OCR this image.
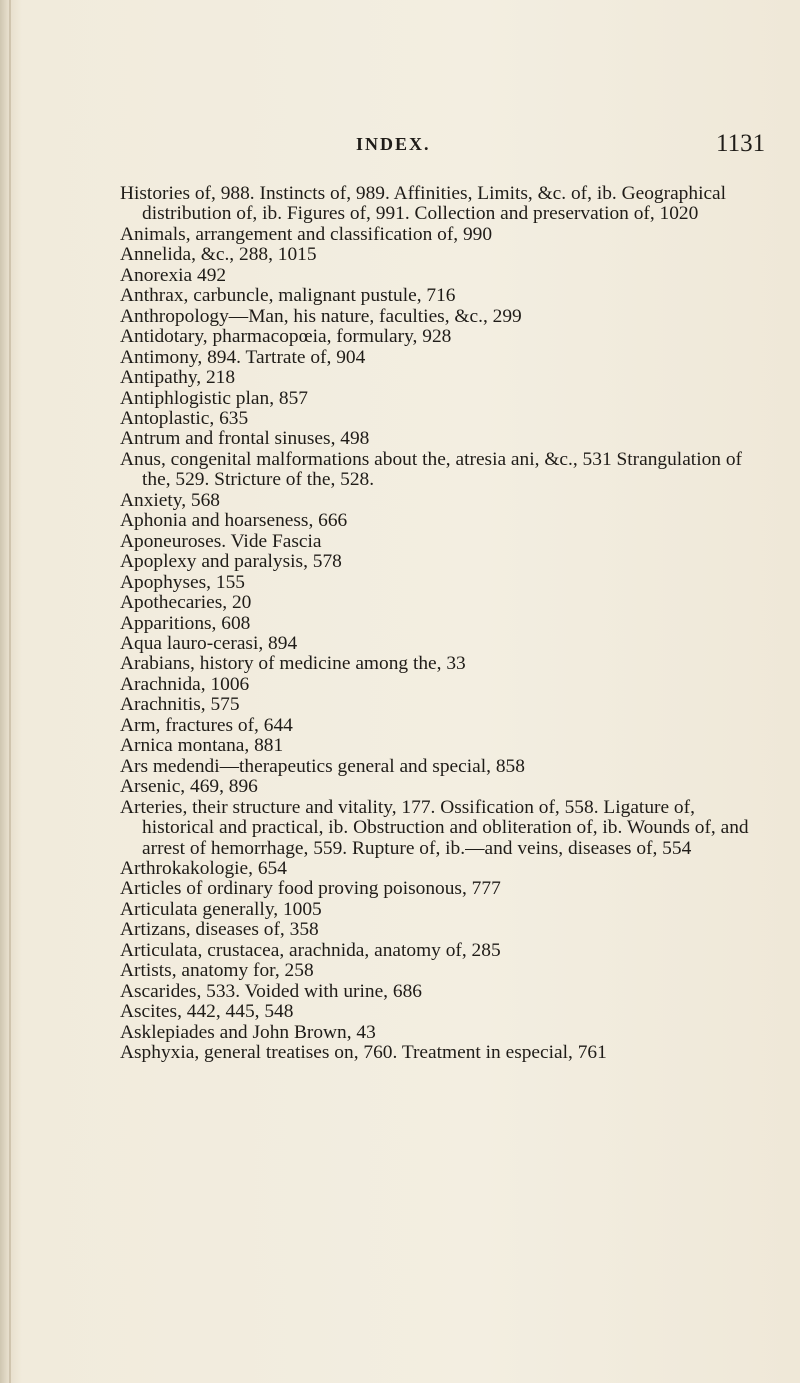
INDEX.	1131
Histories of, 988. Instincts of, 989. Affinities, Limits, &c. of, ib. Geographical distribution of, ib. Figures of, 991. Collection and preservation of, 1020
Animals, arrangement and classification of, 990
Annelida, &c., 288, 1015
Anorexia 492
Anthrax, carbuncle, malignant pustule, 716
Anthropology—Man, his nature, faculties, &c., 299
Antidotary, pharmacopœia, formulary, 928
Antimony, 894. Tartrate of, 904
Antipathy, 218
Antiphlogistic plan, 857
Antoplastic, 635
Antrum and frontal sinuses, 498
Anus, congenital malformations about the, atresia ani, &c., 531 Strangulation of the, 529. Stricture of the, 528.
Anxiety, 568
Aphonia and hoarseness, 666
Aponeuroses. Vide Fascia
Apoplexy and paralysis, 578
Apophyses, 155
Apothecaries, 20
Apparitions, 608
Aqua lauro-cerasi, 894
Arabians, history of medicine among the, 33
Arachnida, 1006
Arachnitis, 575
Arm, fractures of, 644
Arnica montana, 881
Ars medendi—therapeutics general and special, 858
Arsenic, 469, 896
Arteries, their structure and vitality, 177. Ossification of, 558. Ligature of, historical and practical, ib. Obstruction and obliteration of, ib. Wounds of, and arrest of hemorrhage, 559. Rupture of, ib.—and veins, diseases of, 554
Arthrokakologie, 654
Articles of ordinary food proving poisonous, 777
Articulata generally, 1005
Artizans, diseases of, 358
Articulata, crustacea, arachnida, anatomy of, 285
Artists, anatomy for, 258
Ascarides, 533. Voided with urine, 686
Ascites, 442, 445, 548
Asklepiades and John Brown, 43
Asphyxia, general treatises on, 760. Treatment in especial, 761
